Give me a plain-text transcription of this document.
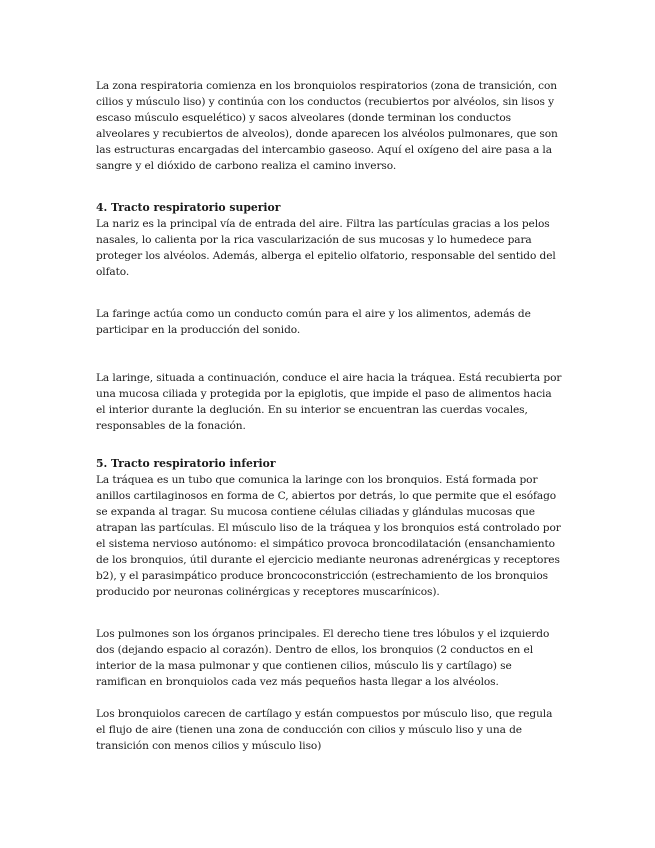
La zona respiratoria comienza en los bronquiolos respiratorios (zona de transición, con cilios y músculo liso) y continúa con los conductos (recubiertos por alvéolos, sin lisos y escaso músculo esquelético) y sacos alveolares (donde terminan los conductos alveolares y recubiertos de alveolos), donde aparecen los alvéolos pulmonares, que son las estructuras encargadas del intercambio gaseoso. Aquí el oxígeno del aire pasa a la sangre y el dióxido de carbono realiza el camino inverso.

4. Tracto respiratorio superior

La nariz es la principal vía de entrada del aire. Filtra las partículas gracias a los pelos nasales, lo calienta por la rica vascularización de sus mucosas y lo humedece para proteger los alvéolos. Además, alberga el epitelio olfatorio, responsable del sentido del olfato.

La faringe actúa como un conducto común para el aire y los alimentos, además de participar en la producción del sonido.

La laringe, situada a continuación, conduce el aire hacia la tráquea. Está recubierta por una mucosa ciliada y protegida por la epiglotis, que impide el paso de alimentos hacia el interior durante la deglución. En su interior se encuentran las cuerdas vocales, responsables de la fonación.

5. Tracto respiratorio inferior

La tráquea es un tubo que comunica la laringe con los bronquios. Está formada por anillos cartilaginosos en forma de C, abiertos por detrás, lo que permite que el esófago se expanda al tragar. Su mucosa contiene células ciliadas y glándulas mucosas que atrapan las partículas. El músculo liso de la tráquea y los bronquios está controlado por el sistema nervioso autónomo: el simpático provoca broncodilatación (ensanchamiento de los bronquios, útil durante el ejercicio mediante neuronas adrenérgicas y receptores b2), y el parasimpático produce broncoconstricción (estrechamiento de los bronquios producido por neuronas colinérgicas y receptores muscarínicos).

Los pulmones son los órganos principales. El derecho tiene tres lóbulos y el izquierdo dos (dejando espacio al corazón). Dentro de ellos, los bronquios (2 conductos en el interior de la masa pulmonar y que contienen cilios, músculo lis y cartílago) se ramifican en bronquiolos cada vez más pequeños hasta llegar a los alvéolos.

Los bronquiolos carecen de cartílago y están compuestos por músculo liso, que regula el flujo de aire (tienen una zona de conducción con cilios y músculo liso y una de transición con menos cilios y músculo liso)
